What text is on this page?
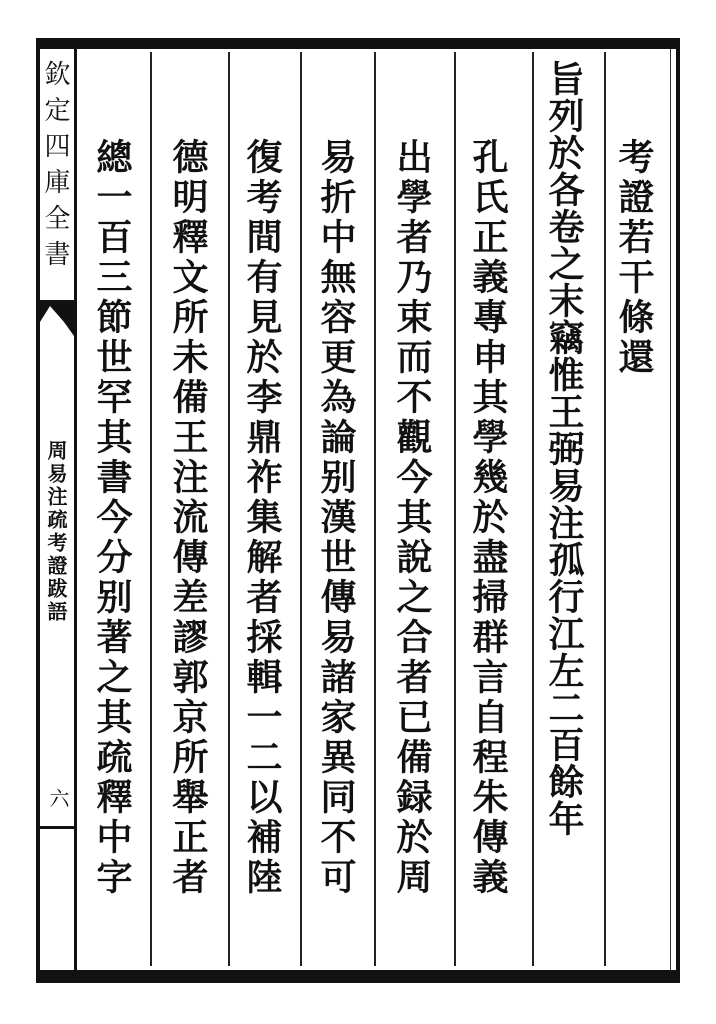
欽定四庫全書
周易注疏考證跋語
六
考證若干條還
旨列於各卷之末竊惟王弼易注孤行江左二百餘年
孔氏正義專申其學幾於盡掃群言自程朱傳義
出學者乃束而不觀今其說之合者已備録於周
易折中無容更為論别漢世傳易諸家異同不可
復考間有見於李鼎祚集解者採輯一二以補陸
德明釋文所未備王注流傳差謬郭京所舉正者
總一百三節世罕其書今分别著之其疏釋中字
